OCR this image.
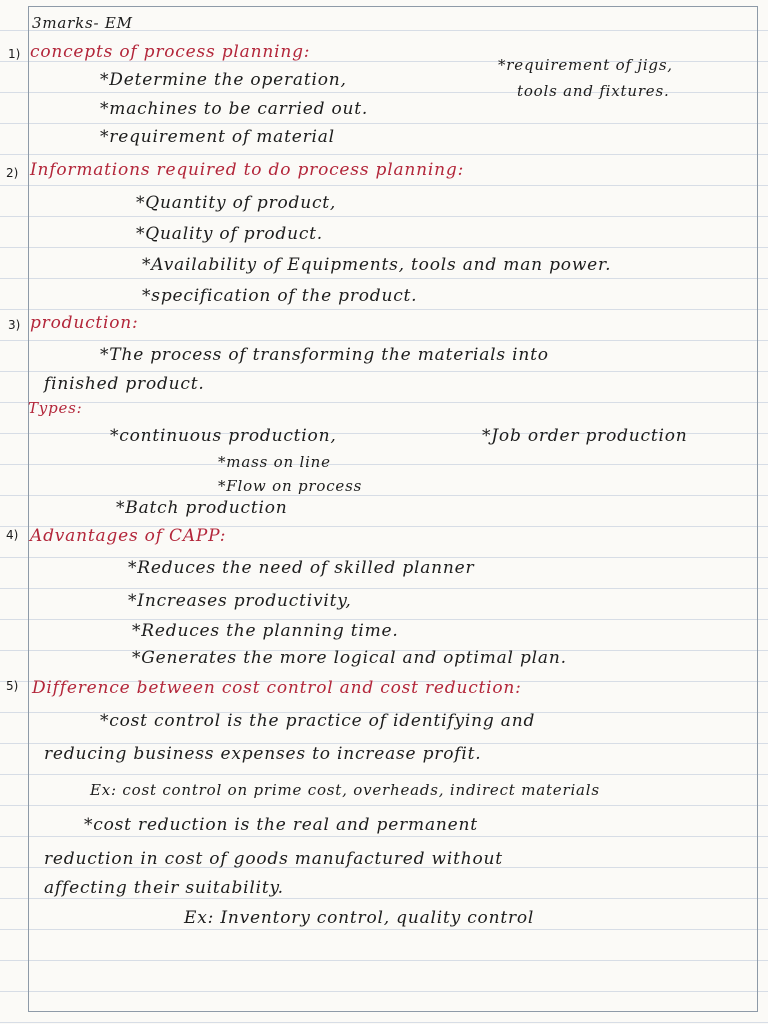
3marks- EM
1) concepts of process planning:
*Determine the operation,
*machines to be carried out.
*requirement of material
*requirement of jigs,
tools and fixtures.
2) Informations required to do process planning:
*Quantity of product,
*Quality of product.
*Availability of Equipments, tools and man power.
*specification of the product.
3) production:
*The process of transforming the materials into
finished product.
Types:
*continuous production,
*mass on line
*Flow on process
*Batch production
*Job order production
4) Advantages of CAPP:
*Reduces the need of skilled planner
*Increases productivity,
*Reduces the planning time.
*Generates the more logical and optimal plan.
5) Difference between cost control and cost reduction:
*cost control is the practice of identifying and
reducing business expenses to increase profit.
Ex: cost control on prime cost, overheads, indirect materials
*cost reduction is the real and permanent
reduction in cost of goods manufactured without
affecting their suitability.
Ex: Inventory control, quality control
